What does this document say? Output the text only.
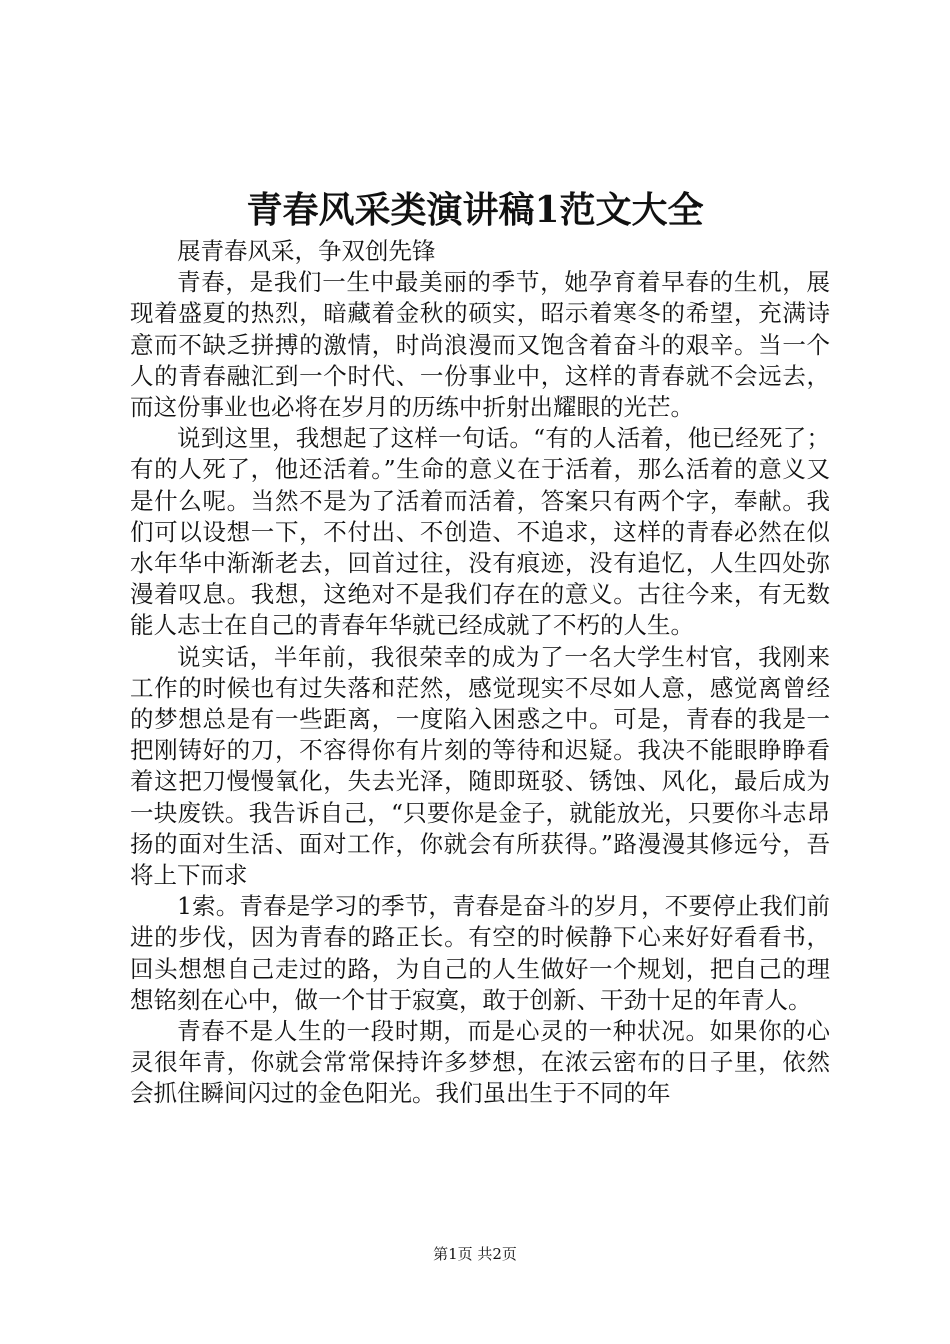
青春风采类演讲稿1范文大全

展青春风采，争双创先锋

青春，是我们一生中最美丽的季节，她孕育着早春的生机，展现着盛夏的热烈，暗藏着金秋的硕实，昭示着寒冬的希望，充满诗意而不缺乏拼搏的激情，时尚浪漫而又饱含着奋斗的艰辛。当一个人的青春融汇到一个时代、一份事业中，这样的青春就不会远去，而这份事业也必将在岁月的历练中折射出耀眼的光芒。

说到这里，我想起了这样一句话。“有的人活着，他已经死了；有的人死了，他还活着。”生命的意义在于活着，那么活着的意义又是什么呢。当然不是为了活着而活着，答案只有两个字，奉献。我们可以设想一下，不付出、不创造、不追求，这样的青春必然在似水年华中渐渐老去，回首过往，没有痕迹，没有追忆，人生四处弥漫着叹息。我想，这绝对不是我们存在的意义。古往今来，有无数能人志士在自己的青春年华就已经成就了不朽的人生。

说实话，半年前，我很荣幸的成为了一名大学生村官，我刚来工作的时候也有过失落和茫然，感觉现实不尽如人意，感觉离曾经的梦想总是有一些距离，一度陷入困惑之中。可是，青春的我是一把刚铸好的刀，不容得你有片刻的等待和迟疑。我决不能眼睁睁看着这把刀慢慢氧化，失去光泽，随即斑驳、锈蚀、风化，最后成为一块废铁。我告诉自己，“只要你是金子，就能放光，只要你斗志昂扬的面对生活、面对工作，你就会有所获得。”路漫漫其修远兮，吾将上下而求

1索。青春是学习的季节，青春是奋斗的岁月，不要停止我们前进的步伐，因为青春的路正长。有空的时候静下心来好好看看书，回头想想自己走过的路，为自己的人生做好一个规划，把自己的理想铭刻在心中，做一个甘于寂寞，敢于创新、干劲十足的年青人。

青春不是人生的一段时期，而是心灵的一种状况。如果你的心灵很年青，你就会常常保持许多梦想，在浓云密布的日子里，依然会抓住瞬间闪过的金色阳光。我们虽出生于不同的年

第1页 共2页
